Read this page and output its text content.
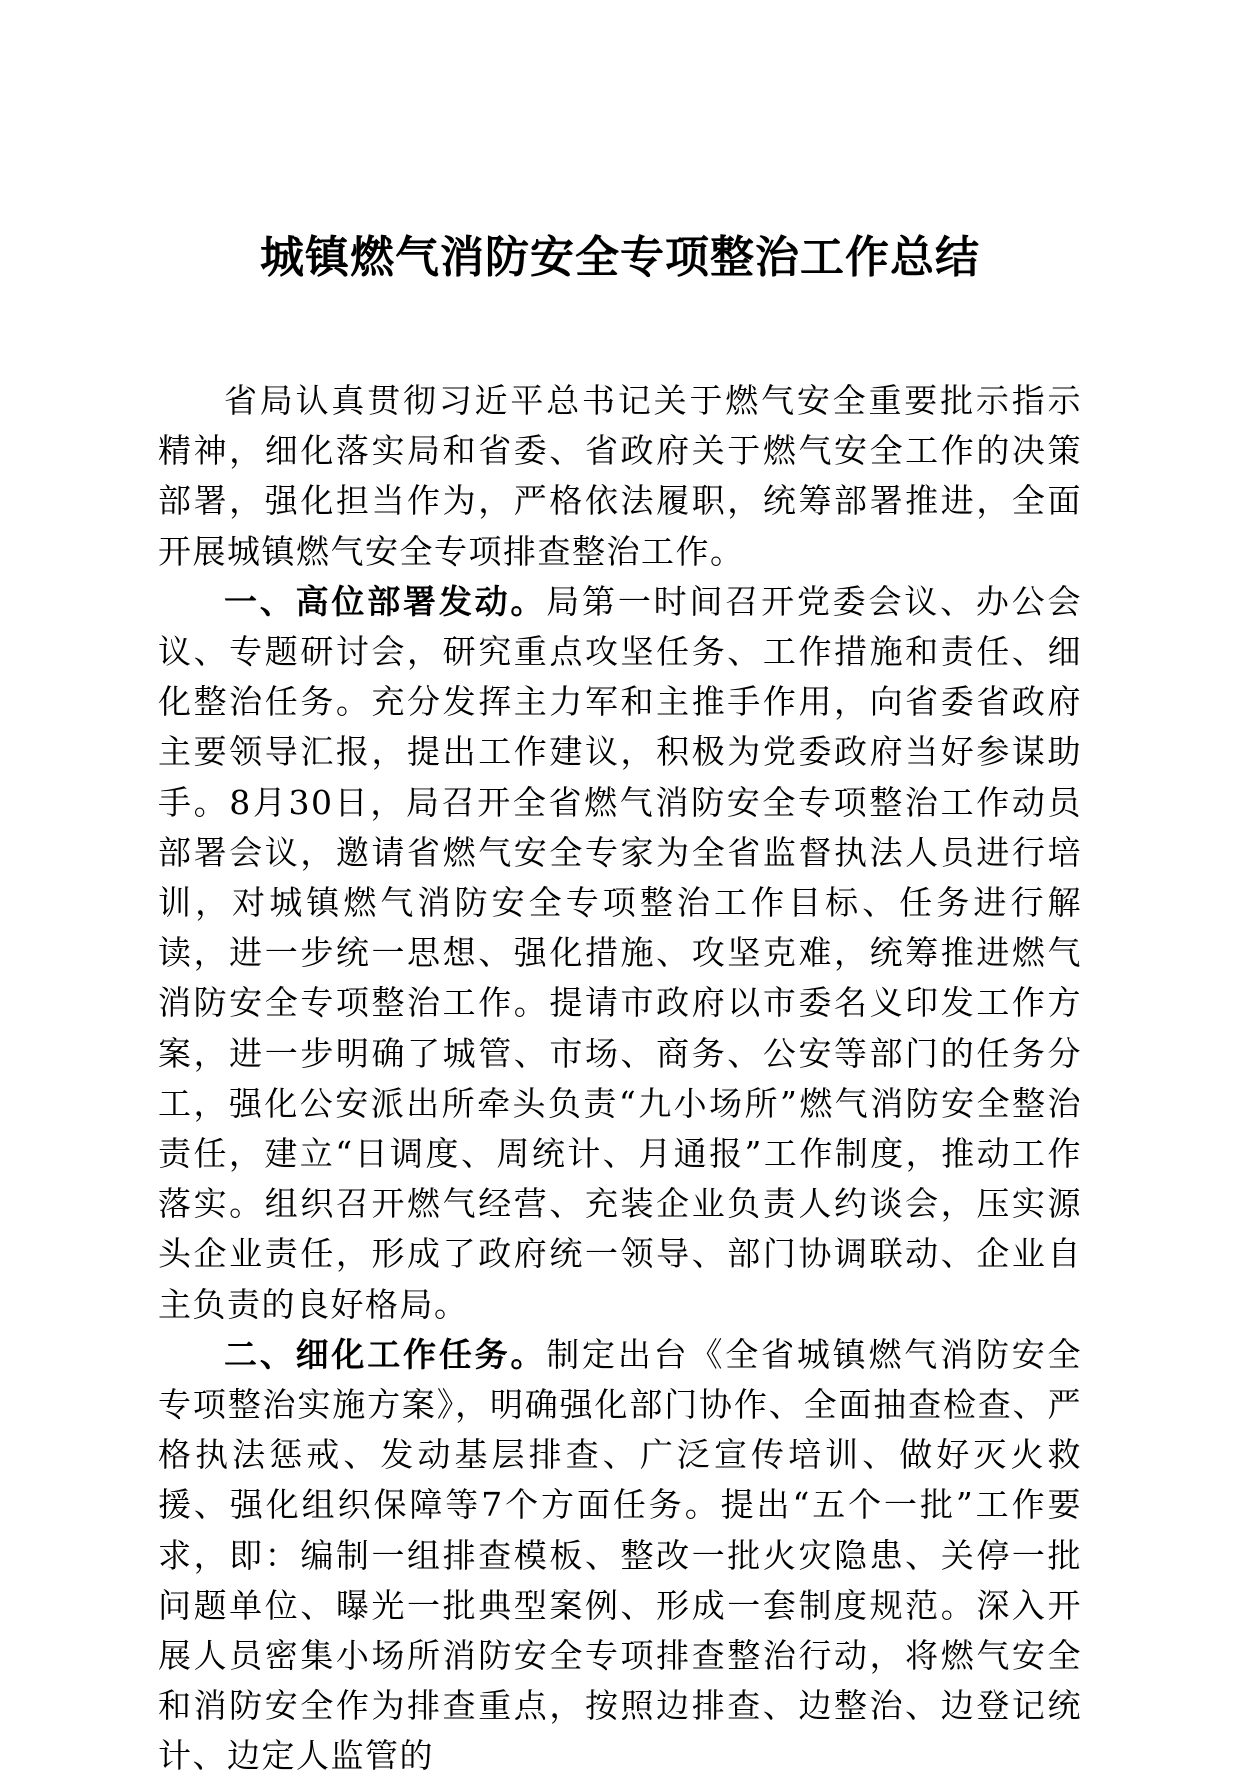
城镇燃气消防安全专项整治工作总结

省局认真贯彻习近平总书记关于燃气安全重要批示指示精神，细化落实局和省委、省政府关于燃气安全工作的决策部署，强化担当作为，严格依法履职，统筹部署推进，全面开展城镇燃气安全专项排查整治工作。

一、高位部署发动。局第一时间召开党委会议、办公会议、专题研讨会，研究重点攻坚任务、工作措施和责任、细化整治任务。充分发挥主力军和主推手作用，向省委省政府主要领导汇报，提出工作建议，积极为党委政府当好参谋助手。8月30日，局召开全省燃气消防安全专项整治工作动员部署会议，邀请省燃气安全专家为全省监督执法人员进行培训，对城镇燃气消防安全专项整治工作目标、任务进行解读，进一步统一思想、强化措施、攻坚克难，统筹推进燃气消防安全专项整治工作。提请市政府以市委名义印发工作方案，进一步明确了城管、市场、商务、公安等部门的任务分工，强化公安派出所牵头负责“九小场所”燃气消防安全整治责任，建立“日调度、周统计、月通报”工作制度，推动工作落实。组织召开燃气经营、充装企业负责人约谈会，压实源头企业责任，形成了政府统一领导、部门协调联动、企业自主负责的良好格局。

二、细化工作任务。制定出台《全省城镇燃气消防安全专项整治实施方案》，明确强化部门协作、全面抽查检查、严格执法惩戒、发动基层排查、广泛宣传培训、做好灭火救援、强化组织保障等7个方面任务。提出“五个一批”工作要求，即：编制一组排查模板、整改一批火灾隐患、关停一批问题单位、曝光一批典型案例、形成一套制度规范。深入开展人员密集小场所消防安全专项排查整治行动，将燃气安全和消防安全作为排查重点，按照边排查、边整治、边登记统计、边定人监管的
